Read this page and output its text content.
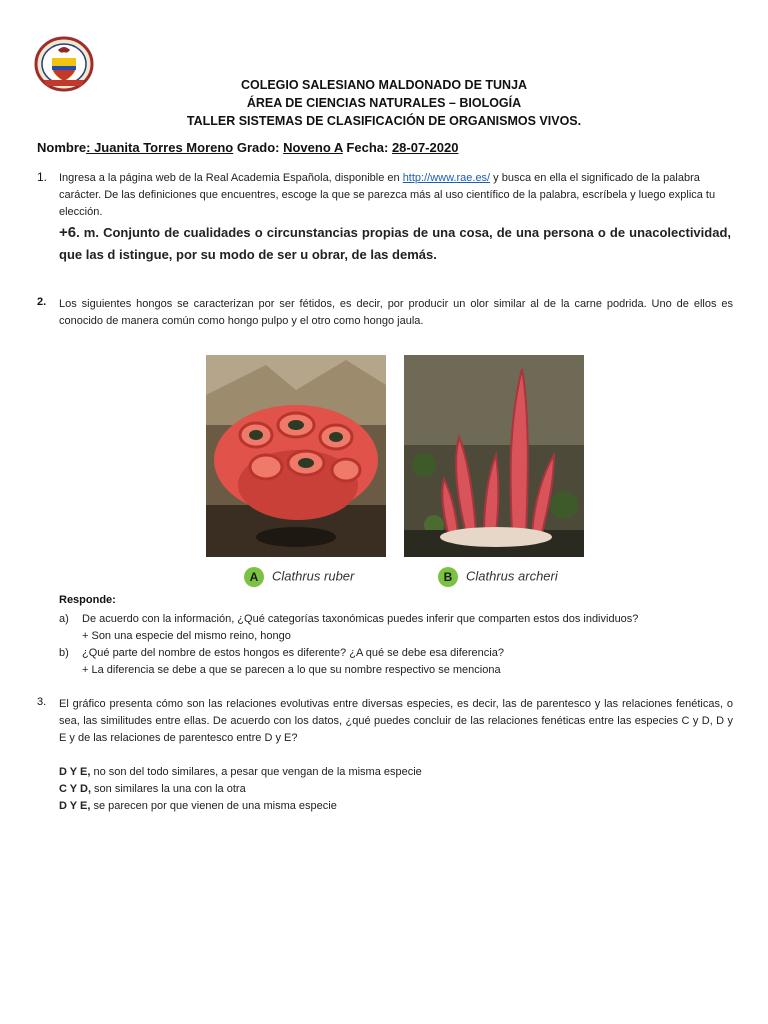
COLEGIO SALESIANO MALDONADO DE TUNJA
ÁREA DE CIENCIAS NATURALES – BIOLOGÍA
TALLER SISTEMAS DE CLASIFICACIÓN DE ORGANISMOS VIVOS.
Nombre: Juanita Torres Moreno Grado: Noveno A Fecha: 28-07-2020
1. Ingresa a la página web de la Real Academia Española, disponible en http://www.rae.es/ y busca en ella el significado de la palabra carácter. De las definiciones que encuentres, escoge la que se parezca más al uso científico de la palabra, escríbela y luego explica tu elección.
+6. m. Conjunto de cualidades o circunstancias propias de una cosa, de una persona o de unacolectividad, que las d istingue, por su modo de ser u obrar, de las demás.
2. Los siguientes hongos se caracterizan por ser fétidos, es decir, por producir un olor similar al de la carne podrida. Uno de ellos es conocido de manera común como hongo pulpo y el otro como hongo jaula.
A Clathrus ruber	B Clathrus archeri
Responde:
a) De acuerdo con la información, ¿Qué categorías taxonómicas puedes inferir que comparten estos dos individuos?
+ Son una especie del mismo reino, hongo
b) ¿Qué parte del nombre de estos hongos es diferente? ¿A qué se debe esa diferencia?
+ La diferencia se debe a que se parecen a lo que su nombre respectivo se menciona
3. El gráfico presenta cómo son las relaciones evolutivas entre diversas especies, es decir, las de parentesco y las relaciones fenéticas, o sea, las similitudes entre ellas. De acuerdo con los datos, ¿qué puedes concluir de las relaciones fenéticas entre las especies C y D, D y E y de las relaciones de parentesco entre D y E?
D Y E, no son del todo similares, a pesar que vengan de la misma especie
C Y D, son similares la una con la otra
D Y E, se parecen por que vienen de una misma especie
